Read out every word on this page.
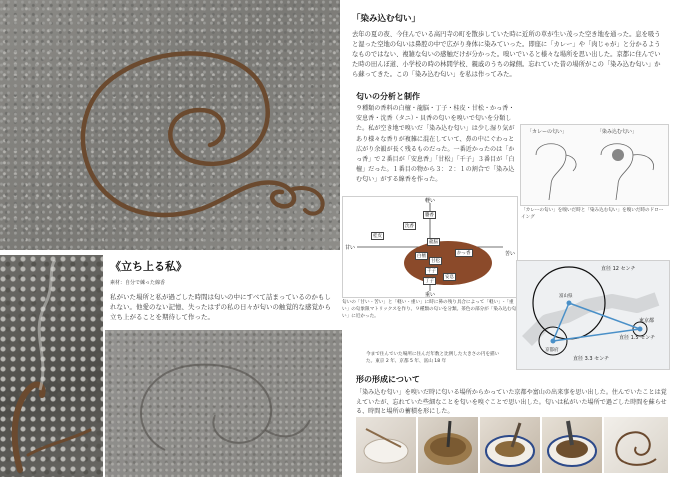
《立ち上る私》
素材：自分で練った線香
私がいた場所と私が過ごした時間は匂いの中にすべて詰まっているのかもしれない。他愛のない記憶、失ったはずの私の日々が匂いの触覚的な感覚から立ち上がることを期待して作った。
「染み込む匂い」
去年の夏の夜、今住んでいる高円寺の町を散歩していた時に近所の草が生い茂った空き地を通った。息を吸うと湿った空地の匂いは鼻腔の中で広がり身体に染みていった。即座に「カレー」や「肉じゃが」と分かるようなものではない、複雑な匂いの感触だけが分かった。嗅いでいると様々な場所を思い出した。京都に住んでいた時の田んぼ道、小学校の時の林間学校、親戚のうちの縁側。忘れていた昔の場所がこの「染み込む匂い」から蘇ってきた。この「染み込む匂い」を私は作ってみた。
匂いの分析と制作
９種類の香料の白檀・龍脳・丁子・桂皮・甘松・かっ香・安息香・沈香（タニ）・貝香の匂いを嗅いで匂いを分類した。私が空き地で嗅いだ「染み込む匂い」は少し湿り気があり様々な香りが複雑に混在していて、鼻の中にぐわっと広がり余韻が長く残るものだった。一番近かったのは「かっ香」で２番目が「安息香」「甘松」「千子」３番目が「白檀」だった。１番目の物から３：２：１の割合で「染み込む匂い」がする線香を作った。
「カレーの匂い」	「染み込む匂い」
「カレーの匂い」を嗅いだ時と「染み込む匂い」を嗅いだ時のドローイング
軽い
重い
甘い
苦い
麝香
沈香
桂皮
龍脳
白檀
かっ香
甘松
千子
丁子
安息
匂いの「甘い - 苦い」と「軽い - 重い」に時に鼻の残り具合によって「軽い」-「重い」の匂象限マトリックスを作り、９種類の匂いを分類。茶色の部分が「染み込む匂い」に近かった。
直径 12 センチ
富山県
東京都
直径 1.5 センチ
京都府
直径 3.3 センチ
今まで住んでいた場所に住んだ年数と比例した大きさの円を描いた。東京 2 年、京都 5 年、富山 18 年
形の形成について
「染み込む匂い」を嗅いだ時に匂いる場所からかっていた京都や富山の出来事を思い出した。住んでいたことは覚えていたが、忘れていた些細なことを匂いを嗅ぐことで思い出した。匂いは私がいた場所で過ごした時間を蘇らせる、時間と場所の蓄積を形にした。
